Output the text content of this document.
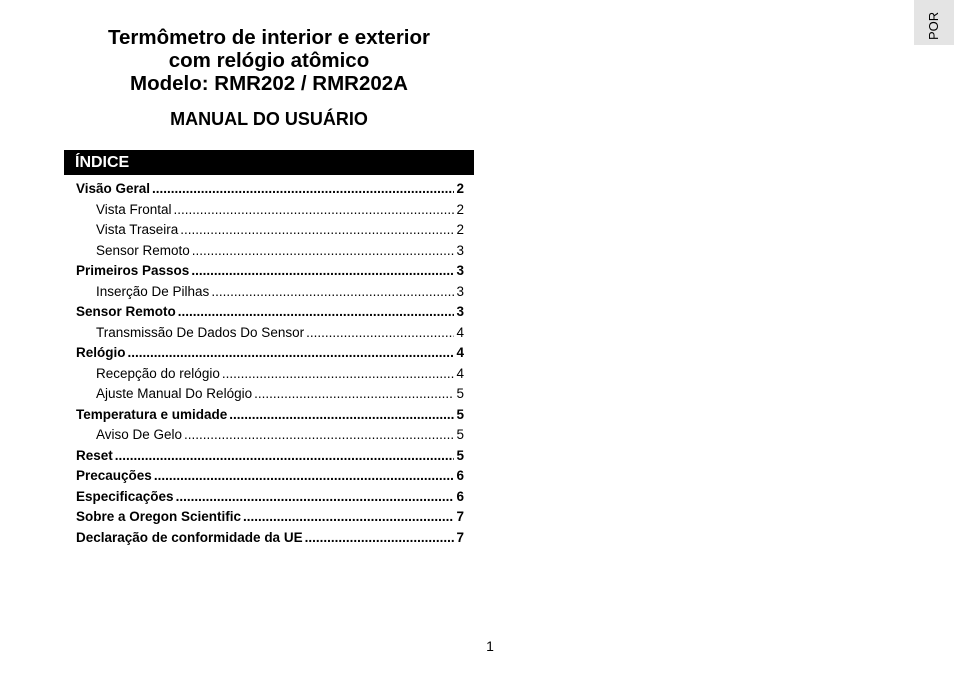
Termômetro de interior e exterior
com relógio atômico
Modelo: RMR202 / RMR202A
MANUAL DO USUÁRIO
ÍNDICE
Visão Geral .....	2
Vista Frontal .....	2
Vista Traseira .....	2
Sensor Remoto .....	3
Primeiros Passos .....	3
Inserção De Pilhas .....	3
Sensor Remoto .....	3
Transmissão De Dados Do Sensor .....	4
Relógio .....	4
Recepção do relógio .....	4
Ajuste Manual Do Relógio .....	5
Temperatura e umidade .....	5
Aviso De Gelo .....	5
Reset .....	5
Precauções .....	6
Especificações .....	6
Sobre a Oregon Scientific .....	7
Declaração de conformidade da UE .....	7
POR
1
